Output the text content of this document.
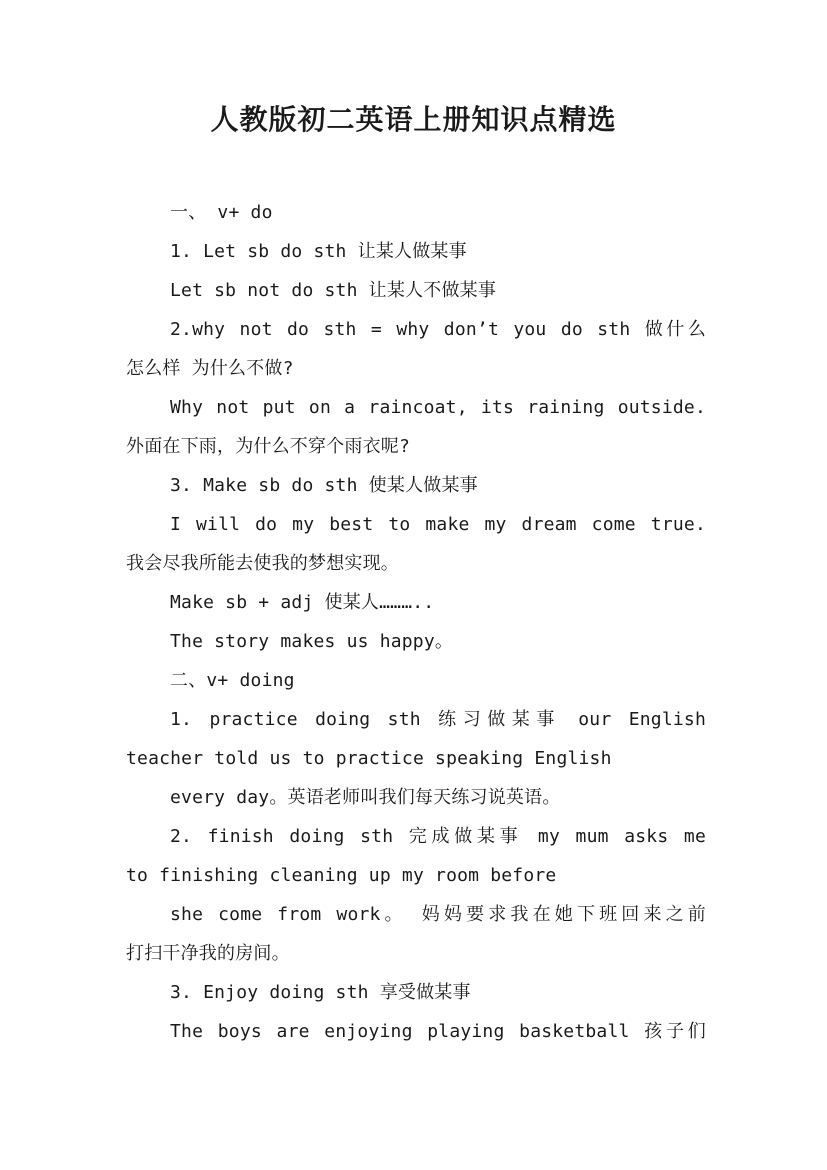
人教版初二英语上册知识点精选
一、 v+ do
1. Let sb do sth 让某人做某事
Let sb not do sth 让某人不做某事
2.why not do sth = why don’t you do sth 做什么
怎么样 为什么不做?
Why not put on a raincoat, its raining outside.
外面在下雨，为什么不穿个雨衣呢?
3. Make sb do sth 使某人做某事
I will do my best to make my dream come true.
我会尽我所能去使我的梦想实现。
Make sb + adj 使某人………..
The story makes us happy。
二、v+ doing
1. practice doing sth 练习做某事 our English
teacher told us to practice speaking English
every day。英语老师叫我们每天练习说英语。
2. finish doing sth 完成做某事 my mum asks me
to finishing cleaning up my room before
she come from work。 妈妈要求我在她下班回来之前
打扫干净我的房间。
3. Enjoy doing sth 享受做某事
The boys are enjoying playing basketball 孩子们
